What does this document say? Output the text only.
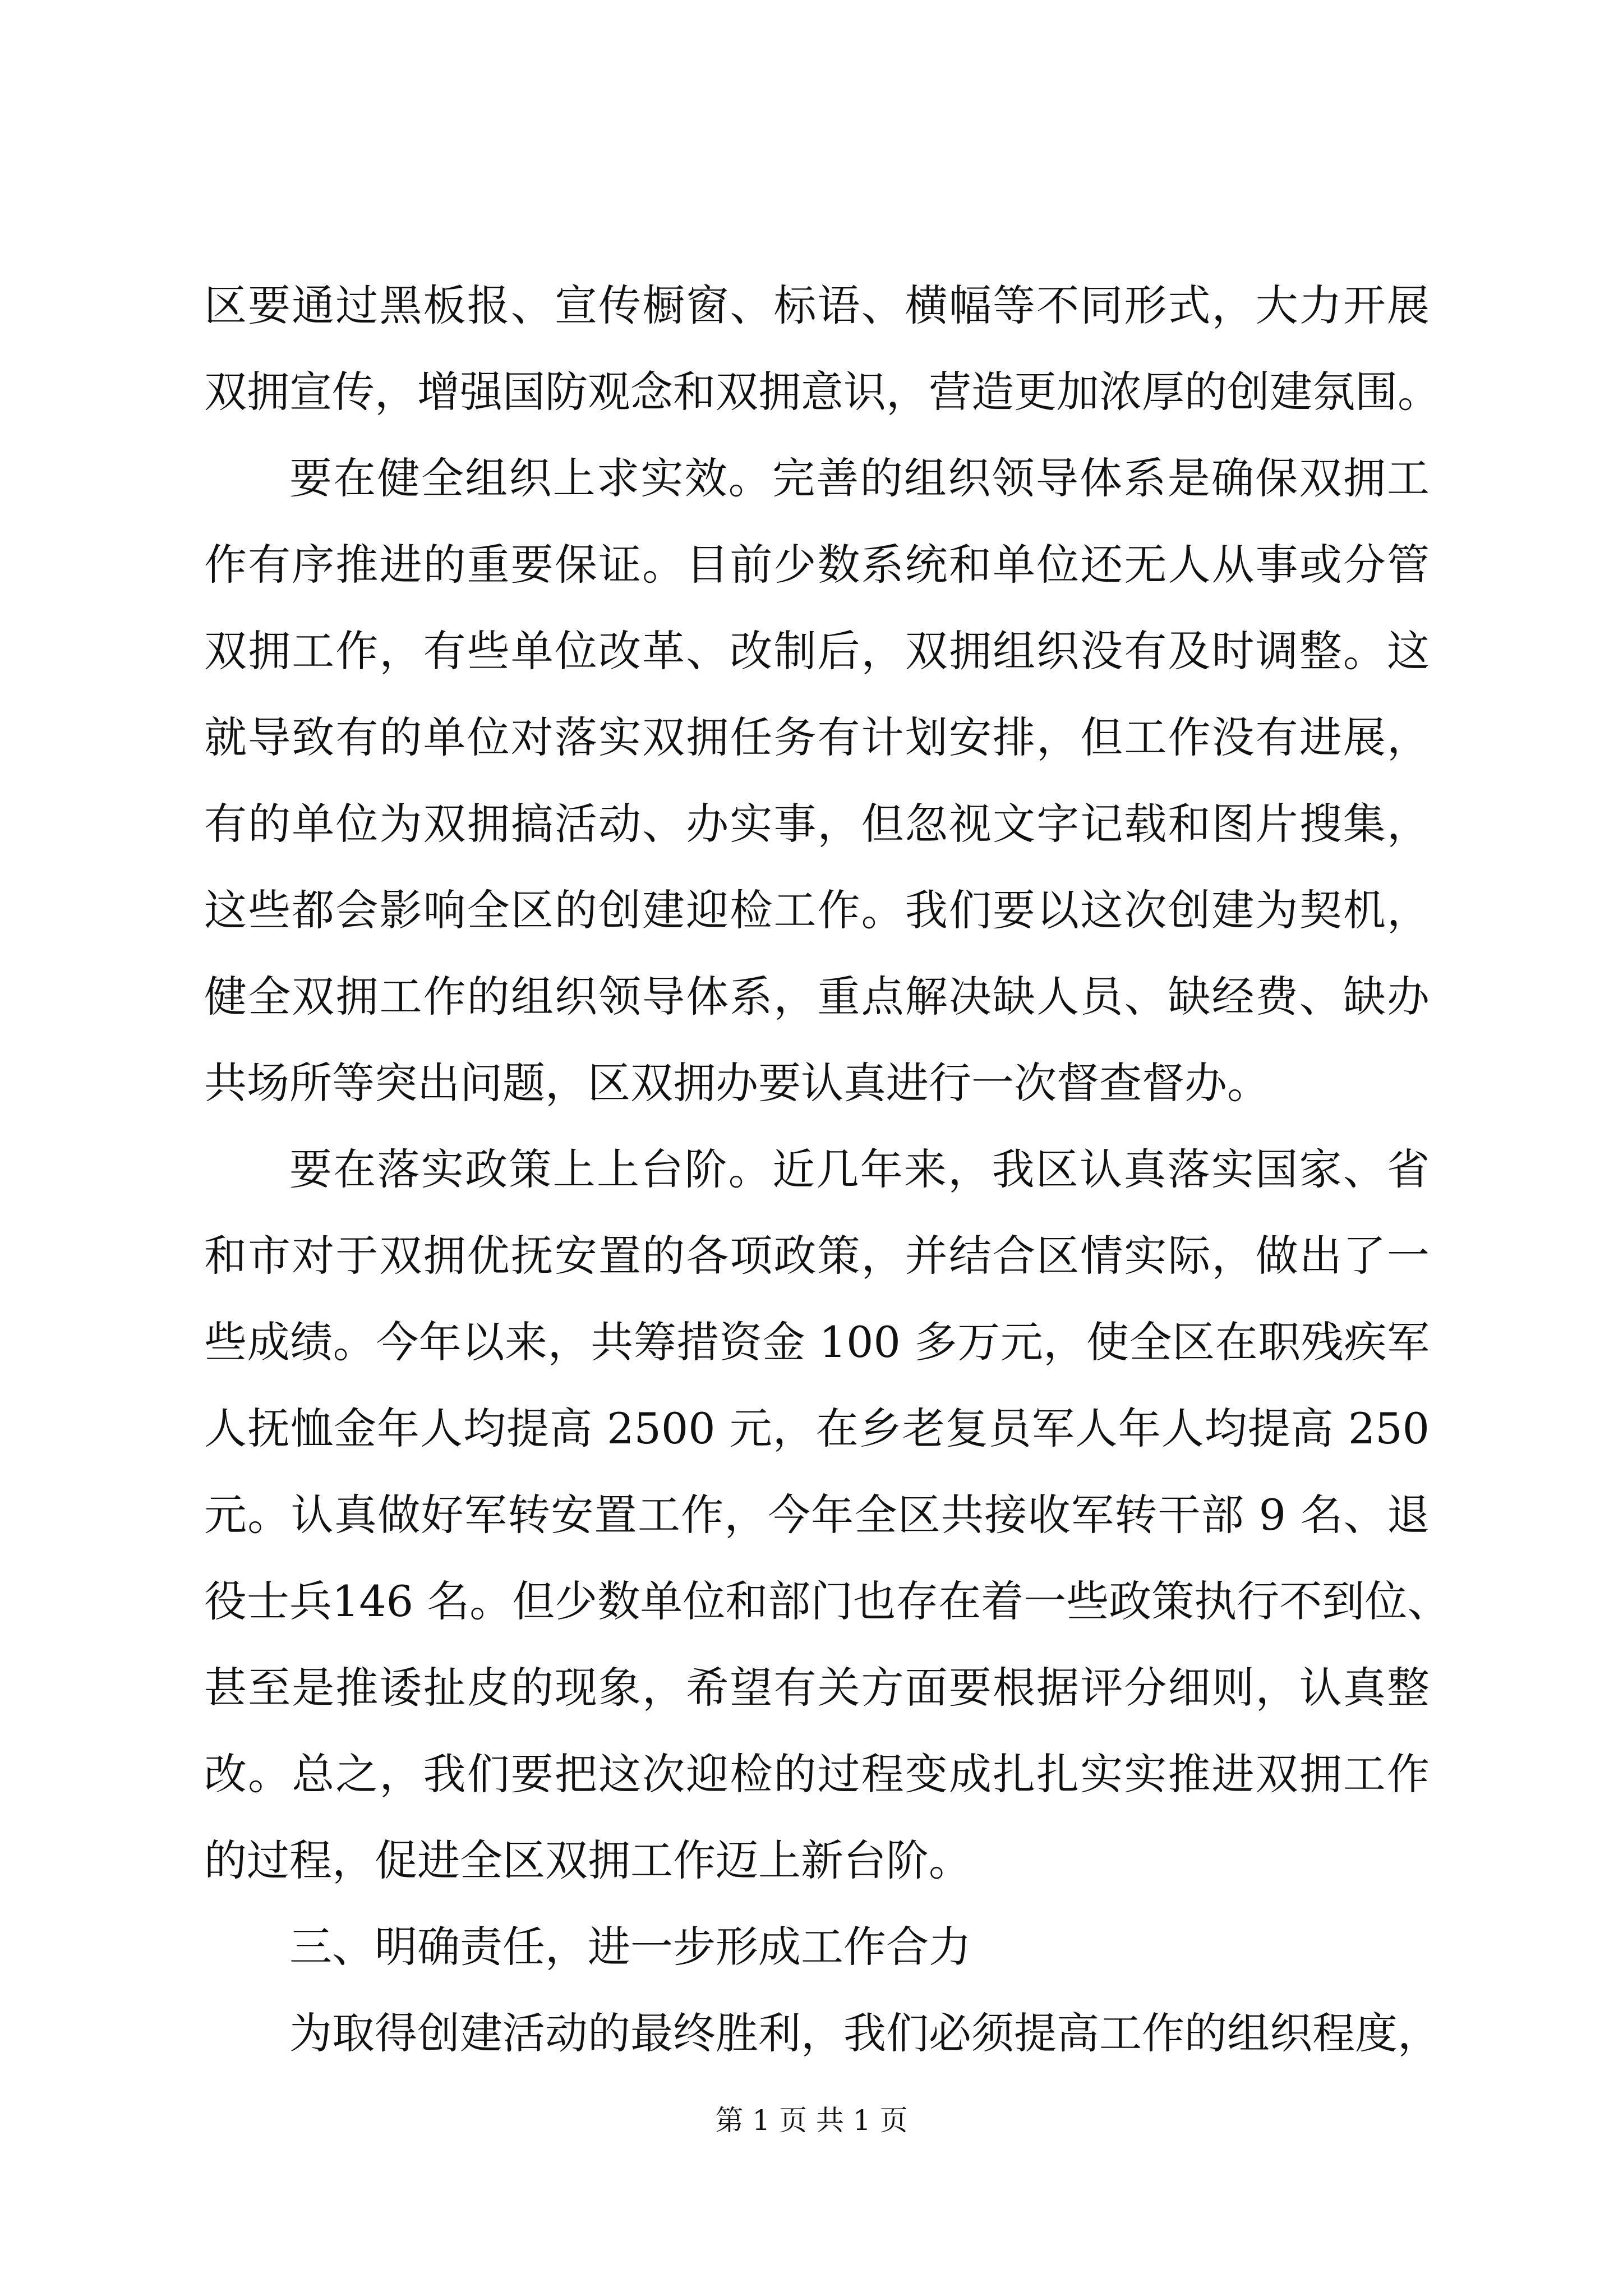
区要通过黑板报、宣传橱窗、标语、横幅等不同形式，大力开展
双拥宣传，增强国防观念和双拥意识，营造更加浓厚的创建氛围。
要在健全组织上求实效。完善的组织领导体系是确保双拥工
作有序推进的重要保证。目前少数系统和单位还无人从事或分管
双拥工作，有些单位改革、改制后，双拥组织没有及时调整。这
就导致有的单位对落实双拥任务有计划安排，但工作没有进展，
有的单位为双拥搞活动、办实事，但忽视文字记载和图片搜集，
这些都会影响全区的创建迎检工作。我们要以这次创建为契机，
健全双拥工作的组织领导体系，重点解决缺人员、缺经费、缺办
共场所等突出问题，区双拥办要认真进行一次督查督办。
要在落实政策上上台阶。近几年来，我区认真落实国家、省
和市对于双拥优抚安置的各项政策，并结合区情实际，做出了一
些成绩。今年以来，共筹措资金 100 多万元，使全区在职残疾军
人抚恤金年人均提高 2500 元，在乡老复员军人年人均提高 250
元。认真做好军转安置工作，今年全区共接收军转干部 9 名、退
役士兵146 名。但少数单位和部门也存在着一些政策执行不到位、
甚至是推诿扯皮的现象，希望有关方面要根据评分细则，认真整
改。总之，我们要把这次迎检的过程变成扎扎实实推进双拥工作
的过程，促进全区双拥工作迈上新台阶。
三、明确责任，进一步形成工作合力
为取得创建活动的最终胜利，我们必须提高工作的组织程度，
第 1 页 共 1 页
